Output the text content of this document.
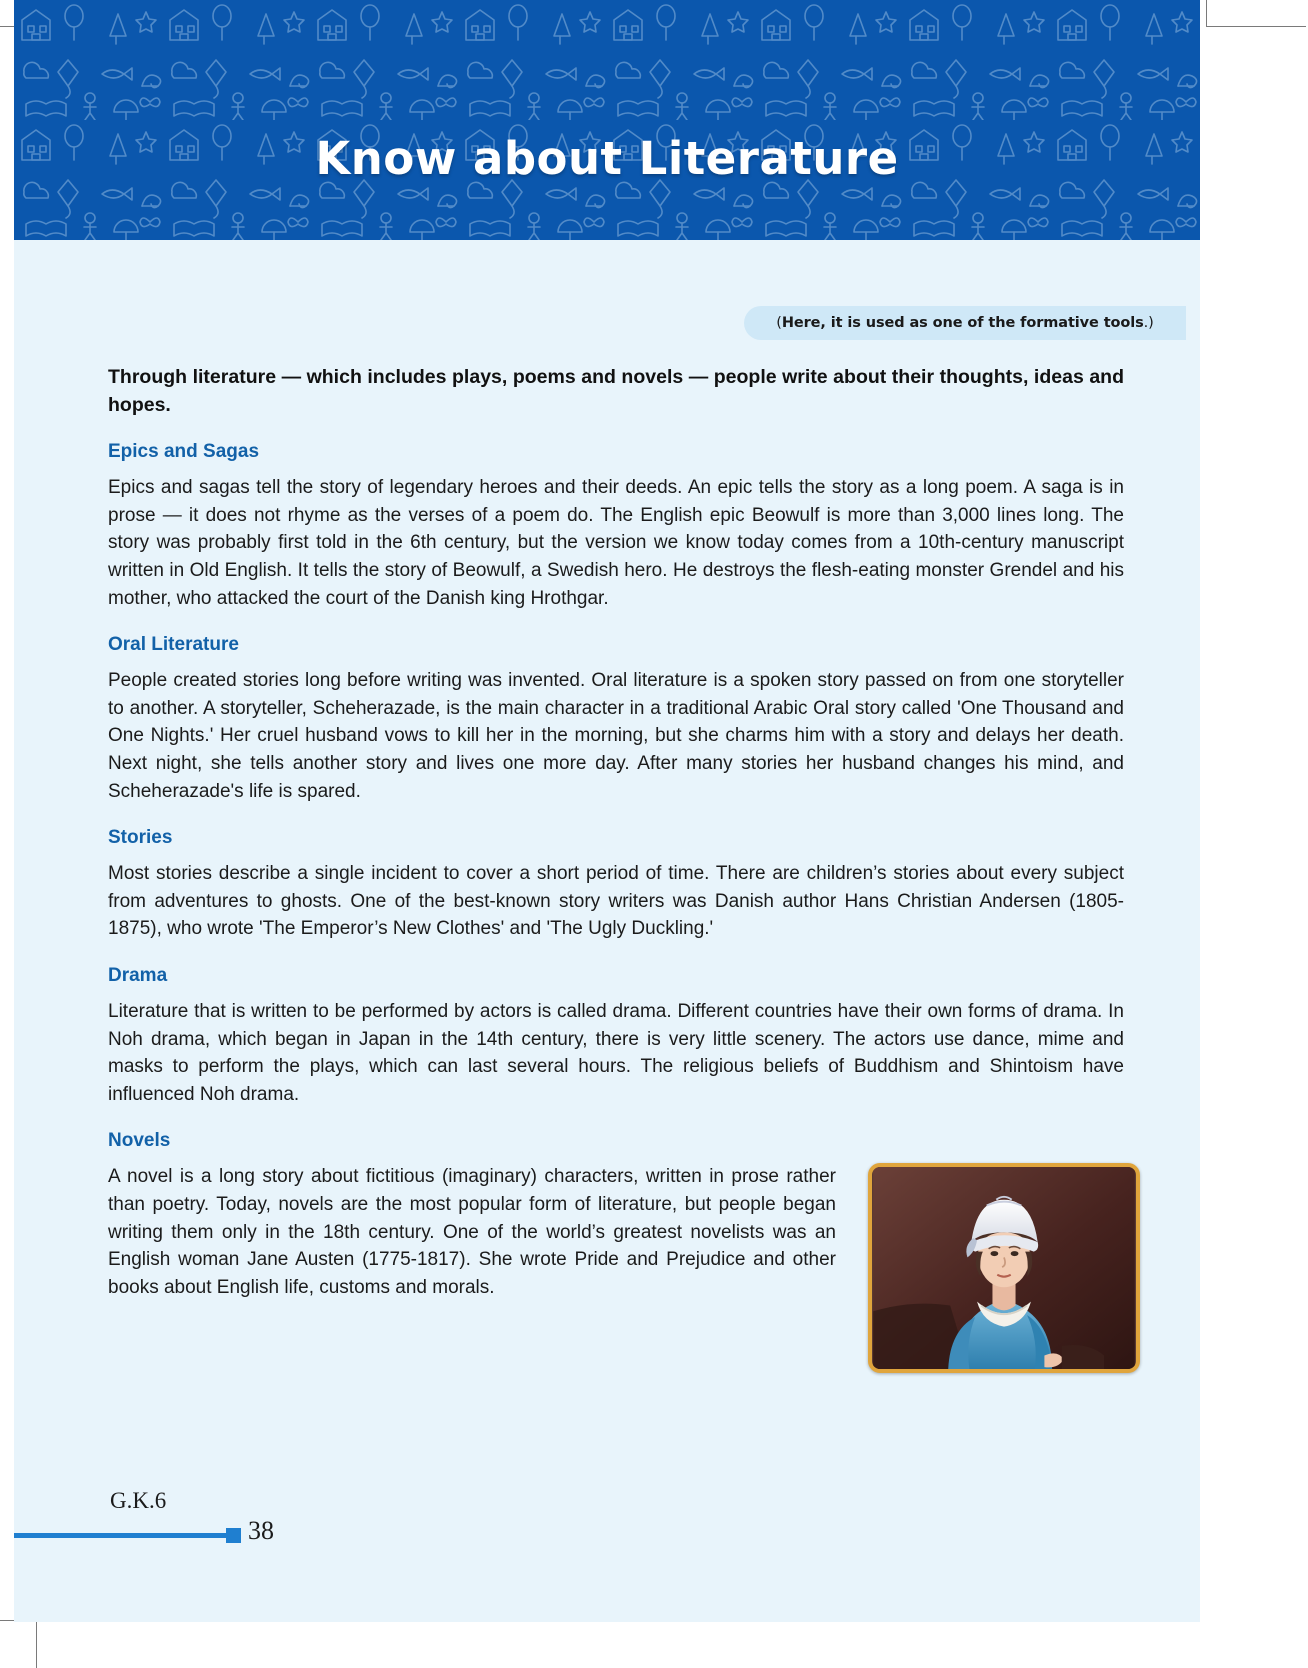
Know about Literature
( Here, it is used as one of the formative tools .)

Through literature — which includes plays, poems and novels — people write about their thoughts, ideas and hopes.

Epics and Sagas

Epics and sagas tell the story of legendary heroes and their deeds. An epic tells the story as a long poem. A saga is in prose — it does not rhyme as the verses of a poem do. The English epic Beowulf is more than 3,000 lines long. The story was probably first told in the 6th century, but the version we know today comes from a 10th-century manuscript written in Old English. It tells the story of Beowulf, a Swedish hero. He destroys the flesh-eating monster Grendel and his mother, who attacked the court of the Danish king Hrothgar.

Oral Literature

People created stories long before writing was invented. Oral literature is a spoken story passed on from one storyteller to another. A storyteller, Scheherazade, is the main character in a traditional Arabic Oral story called 'One Thousand and One Nights.' Her cruel husband vows to kill her in the morning, but she charms him with a story and delays her death. Next night, she tells another story and lives one more day. After many stories her husband changes his mind, and Scheherazade's life is spared.

Stories

Most stories describe a single incident to cover a short period of time. There are children’s stories about every subject from adventures to ghosts. One of the best-known story writers was Danish author Hans Christian Andersen (1805-1875), who wrote 'The Emperor’s New Clothes' and 'The Ugly Duckling.'

Drama

Literature that is written to be performed by actors is called drama. Different countries have their own forms of drama. In Noh drama, which began in Japan in the 14th century, there is very little scenery. The actors use dance, mime and masks to perform the plays, which can last several hours. The religious beliefs of Buddhism and Shintoism have influenced Noh drama.

Novels

A novel is a long story about fictitious (imaginary) characters, written in prose rather than poetry. Today, novels are the most popular form of literature, but people began writing them only in the 18th century. One of the world’s greatest novelists was an English woman Jane Austen (1775-1817). She wrote Pride and Prejudice and other books about English life, customs and morals.

G.K.6
38
